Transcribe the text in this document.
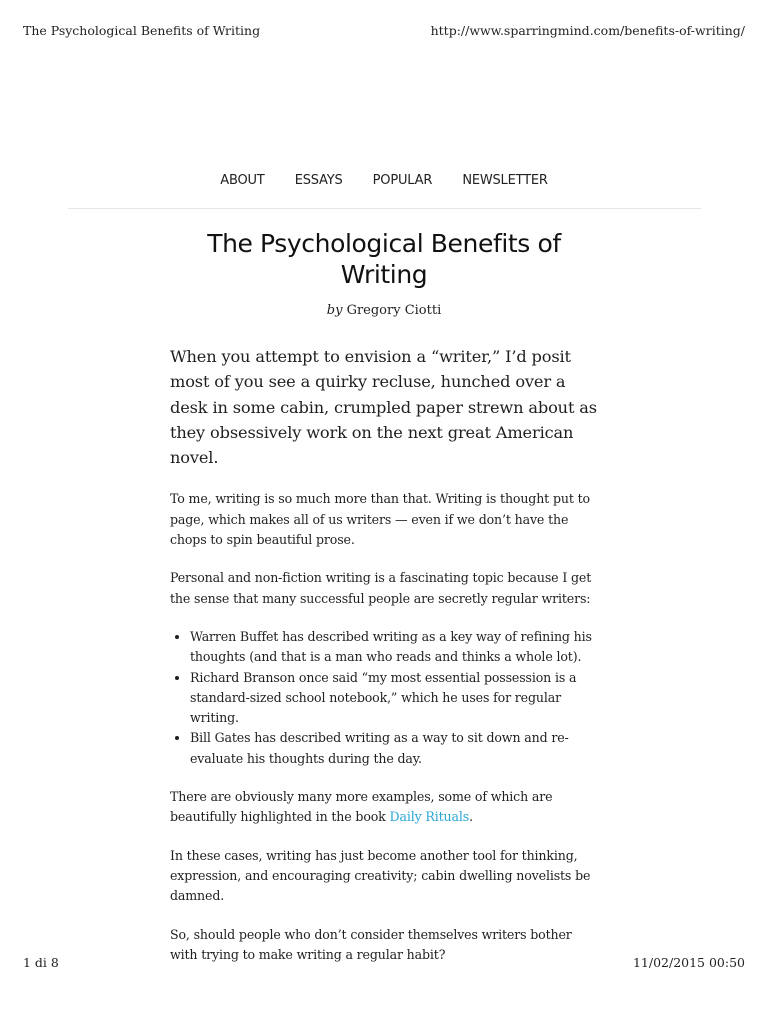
The Psychological Benefits of Writing	http://www.sparringmind.com/benefits-of-writing/
ABOUT ESSAYS POPULAR NEWSLETTER
The Psychological Benefits of Writing
by Gregory Ciotti

When you attempt to envision a “writer,” I’d posit most of you see a quirky recluse, hunched over a desk in some cabin, crumpled paper strewn about as they obsessively work on the next great American novel.

To me, writing is so much more than that. Writing is thought put to page, which makes all of us writers — even if we don’t have the chops to spin beautiful prose.

Personal and non-fiction writing is a fascinating topic because I get the sense that many successful people are secretly regular writers:

• Warren Buffet has described writing as a key way of refining his thoughts (and that is a man who reads and thinks a whole lot).
• Richard Branson once said “my most essential possession is a standard-sized school notebook,” which he uses for regular writing.
• Bill Gates has described writing as a way to sit down and re-evaluate his thoughts during the day.

There are obviously many more examples, some of which are beautifully highlighted in the book Daily Rituals.

In these cases, writing has just become another tool for thinking, expression, and encouraging creativity; cabin dwelling novelists be damned.

So, should people who don’t consider themselves writers bother with trying to make writing a regular habit?

1 di 8	11/02/2015 00:50
